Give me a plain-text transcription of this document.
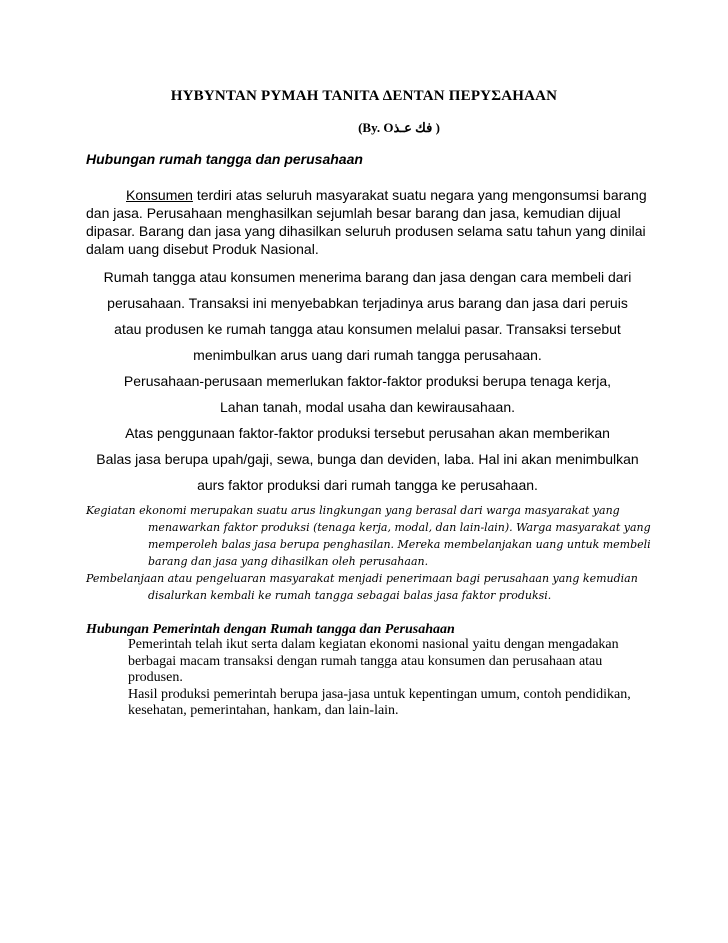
HYBYNTAN PYMAH TANITA ΔENTAN ΠΕΡΥΣΑΗΑΑΝ
(By. Oفك عـذ )
Hubungan rumah tangga dan perusahaan
Konsumen terdiri atas seluruh masyarakat suatu negara yang mengonsumsi barang dan jasa. Perusahaan menghasilkan sejumlah besar barang dan jasa, kemudian dijual dipasar. Barang dan jasa yang dihasilkan seluruh produsen selama satu tahun yang dinilai dalam uang disebut Produk Nasional.
Rumah tangga atau konsumen menerima barang dan jasa dengan cara membeli dari
perusahaan. Transaksi ini menyebabkan terjadinya arus barang dan jasa dari peruis
atau produsen ke rumah tangga atau konsumen melalui pasar. Transaksi tersebut
menimbulkan arus uang dari rumah tangga perusahaan.
Perusahaan-perusaan memerlukan faktor-faktor produksi berupa tenaga kerja,
Lahan tanah, modal usaha dan kewirausahaan.
Atas penggunaan faktor-faktor produksi tersebut perusahan akan memberikan
Balas jasa berupa upah/gaji, sewa, bunga dan deviden, laba. Hal ini akan menimbulkan
aurs faktor produksi dari rumah tangga ke perusahaan.

Kegiatan ekonomi merupakan suatu arus lingkungan yang berasal dari warga masyarakat yang menawarkan faktor produksi (tenaga kerja, modal, dan lain-lain). Warga masyarakat yang memperoleh balas jasa berupa penghasilan. Mereka membelanjakan uang untuk membeli barang dan jasa yang dihasilkan oleh perusahaan.

Pembelanjaan atau pengeluaran masyarakat menjadi penerimaan bagi perusahaan yang kemudian disalurkan kembali ke rumah tangga sebagai balas jasa faktor produksi.

Hubungan Pemerintah dengan Rumah tangga dan Perusahaan

Pemerintah telah ikut serta dalam kegiatan ekonomi nasional yaitu dengan mengadakan berbagai macam transaksi dengan rumah tangga atau konsumen dan perusahaan atau produsen.

Hasil produksi pemerintah berupa jasa-jasa untuk kepentingan umum, contoh pendidikan, kesehatan, pemerintahan, hankam, dan lain-lain.
